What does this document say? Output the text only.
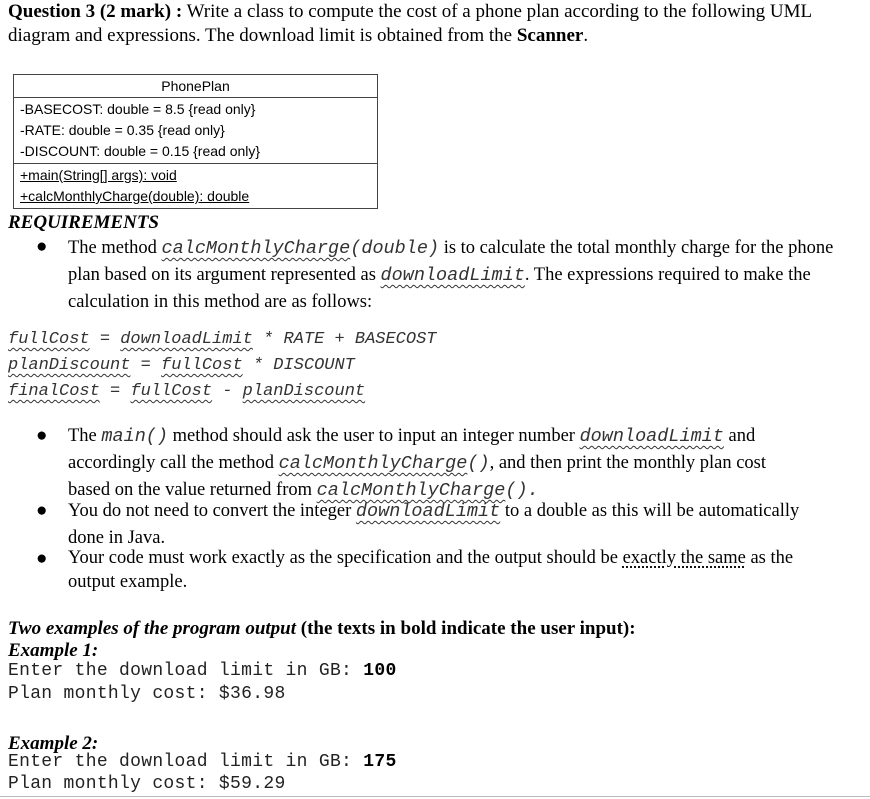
Question 3 (2 mark) : Write a class to compute the cost of a phone plan according to the following UML diagram and expressions. The download limit is obtained from the Scanner.
PhonePlan
-BASECOST: double = 8.5 {read only}
-RATE: double = 0.35 {read only}
-DISCOUNT: double = 0.15 {read only}
+main(String[] args): void
+calcMonthlyCharge(double): double
REQUIREMENTS
● The method calcMonthlyCharge(double) is to calculate the total monthly charge for the phone plan based on its argument represented as downloadLimit. The expressions required to make the calculation in this method are as follows:
fullCost = downloadLimit * RATE + BASECOST
planDiscount = fullCost * DISCOUNT
finalCost = fullCost - planDiscount
● The main() method should ask the user to input an integer number downloadLimit and accordingly call the method calcMonthlyCharge(), and then print the monthly plan cost based on the value returned from calcMonthlyCharge().
● You do not need to convert the integer downloadLimit to a double as this will be automatically done in Java.
● Your code must work exactly as the specification and the output should be exactly the same as the output example.
Two examples of the program output (the texts in bold indicate the user input):
Example 1:
Enter the download limit in GB: 100
Plan monthly cost: $36.98
Example 2:
Enter the download limit in GB: 175
Plan monthly cost: $59.29
